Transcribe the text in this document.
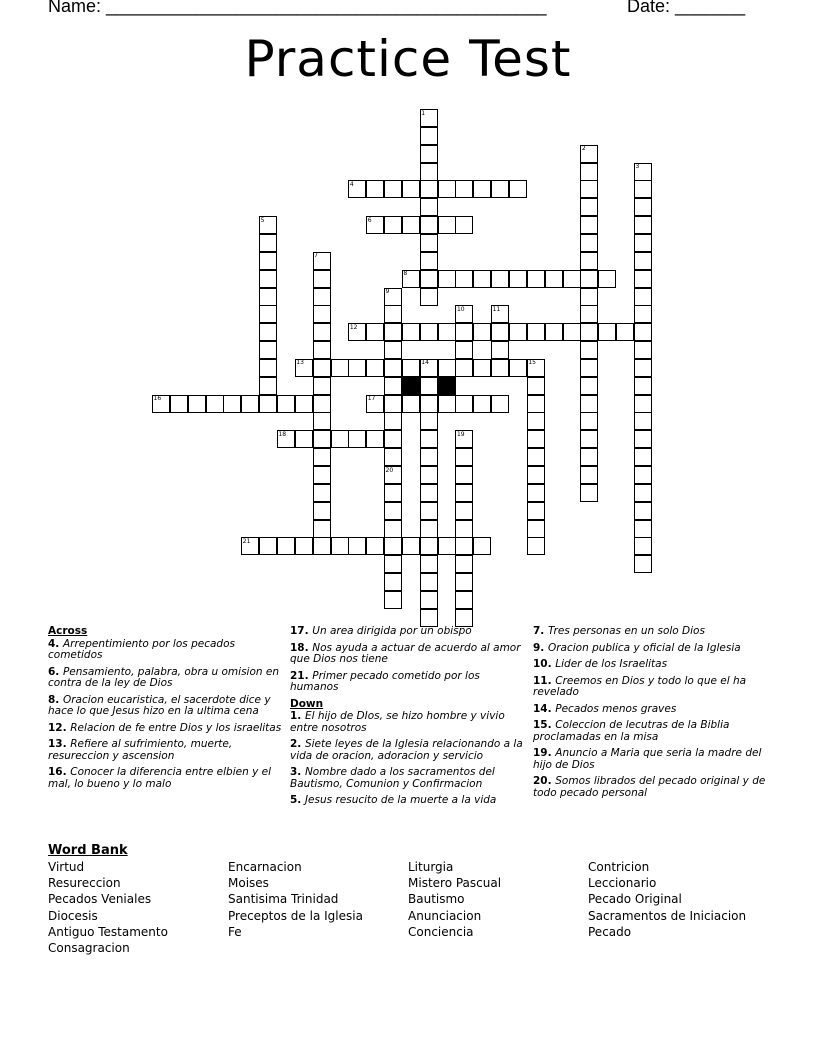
Name: ____________________________________________	Date: _______
Practice Test
1
2
3
4
5	6
7
8
9
10	11
12
13	14	15
16	17
18	19
20
21
Across
4. Arrepentimiento por los pecados cometidos
6. Pensamiento, palabra, obra u omision en contra de la ley de Dios
8. Oracion eucaristica, el sacerdote dice y hace lo que Jesus hizo en la ultima cena
12. Relacion de fe entre Dios y los israelitas
13. Refiere al sufrimiento, muerte, resureccion y ascension
16. Conocer la diferencia entre elbien y el mal, lo bueno y lo malo
17. Un area dirigida por un obispo
18. Nos ayuda a actuar de acuerdo al amor que Dios nos tiene
21. Primer pecado cometido por los humanos
Down
1. El hijo de DIos, se hizo hombre y vivio entre nosotros
2. Siete leyes de la Iglesia relacionando a la vida de oracion, adoracion y servicio
3. Nombre dado a los sacramentos del Bautismo, Comunion y Confirmacion
5. Jesus resucito de la muerte a la vida
7. Tres personas en un solo Dios
9. Oracion publica y oficial de la Iglesia
10. Lider de los Israelitas
11. Creemos en Dios y todo lo que el ha revelado
14. Pecados menos graves
15. Coleccion de lecutras de la Biblia proclamadas en la misa
19. Anuncio a Maria que seria la madre del hijo de Dios
20. Somos librados del pecado original y de todo pecado personal
Word Bank
Virtud
Resureccion
Pecados Veniales
Diocesis
Antiguo Testamento
Consagracion
Encarnacion
Moises
Santisima Trinidad
Preceptos de la Iglesia
Fe
Liturgia
Mistero Pascual
Bautismo
Anunciacion
Conciencia
Contricion
Leccionario
Pecado Original
Sacramentos de Iniciacion
Pecado
